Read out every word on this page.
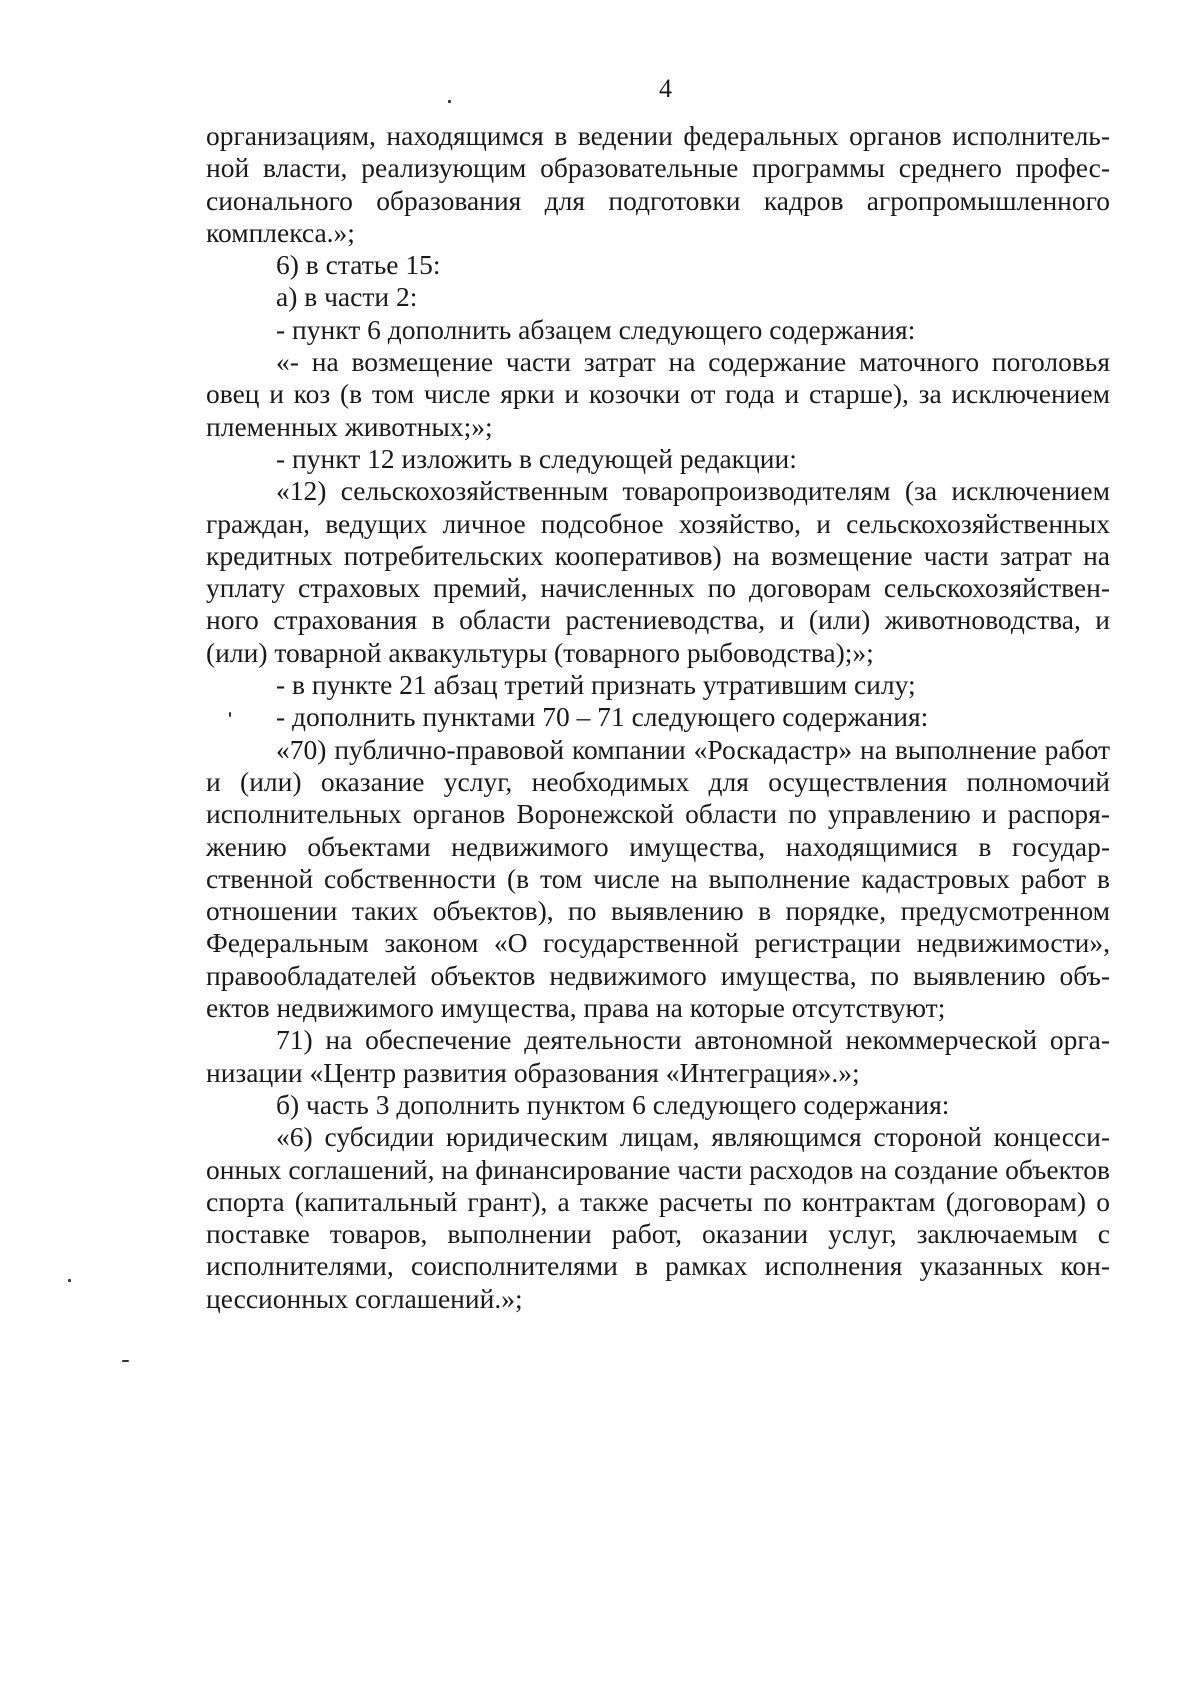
4

организациям, находящимся в ведении федеральных органов исполнительной власти, реализующим образовательные программы среднего профессионального образования для подготовки кадров агропромышленного комплекса.»;

6) в статье 15:

а) в части 2:

- пункт 6 дополнить абзацем следующего содержания:

«- на возмещение части затрат на содержание маточного поголовья овец и коз (в том числе ярки и козочки от года и старше), за исключением племенных животных;»;

- пункт 12 изложить в следующей редакции:

«12) сельскохозяйственным товаропроизводителям (за исключением граждан, ведущих личное подсобное хозяйство, и сельскохозяйственных кредитных потребительских кооперативов) на возмещение части затрат на уплату страховых премий, начисленных по договорам сельскохозяйственного страхования в области растениеводства, и (или) животноводства, и (или) товарной аквакультуры (товарного рыбоводства);»;

- в пункте 21 абзац третий признать утратившим силу;

- дополнить пунктами 70 – 71 следующего содержания:

«70) публично-правовой компании «Роскадастр» на выполнение работ и (или) оказание услуг, необходимых для осуществления полномочий исполнительных органов Воронежской области по управлению и распоряжению объектами недвижимого имущества, находящимися в государственной собственности (в том числе на выполнение кадастровых работ в отношении таких объектов), по выявлению в порядке, предусмотренном Федеральным законом «О государственной регистрации недвижимости», правообладателей объектов недвижимого имущества, по выявлению объектов недвижимого имущества, права на которые отсутствуют;

71) на обеспечение деятельности автономной некоммерческой организации «Центр развития образования «Интеграция».»;

б) часть 3 дополнить пунктом 6 следующего содержания:

«6) субсидии юридическим лицам, являющимся стороной концессионных соглашений, на финансирование части расходов на создание объектов спорта (капитальный грант), а также расчеты по контрактам (договорам) о поставке товаров, выполнении работ, оказании услуг, заключаемым с исполнителями, соисполнителями в рамках исполнения указанных концессионных соглашений.»;
